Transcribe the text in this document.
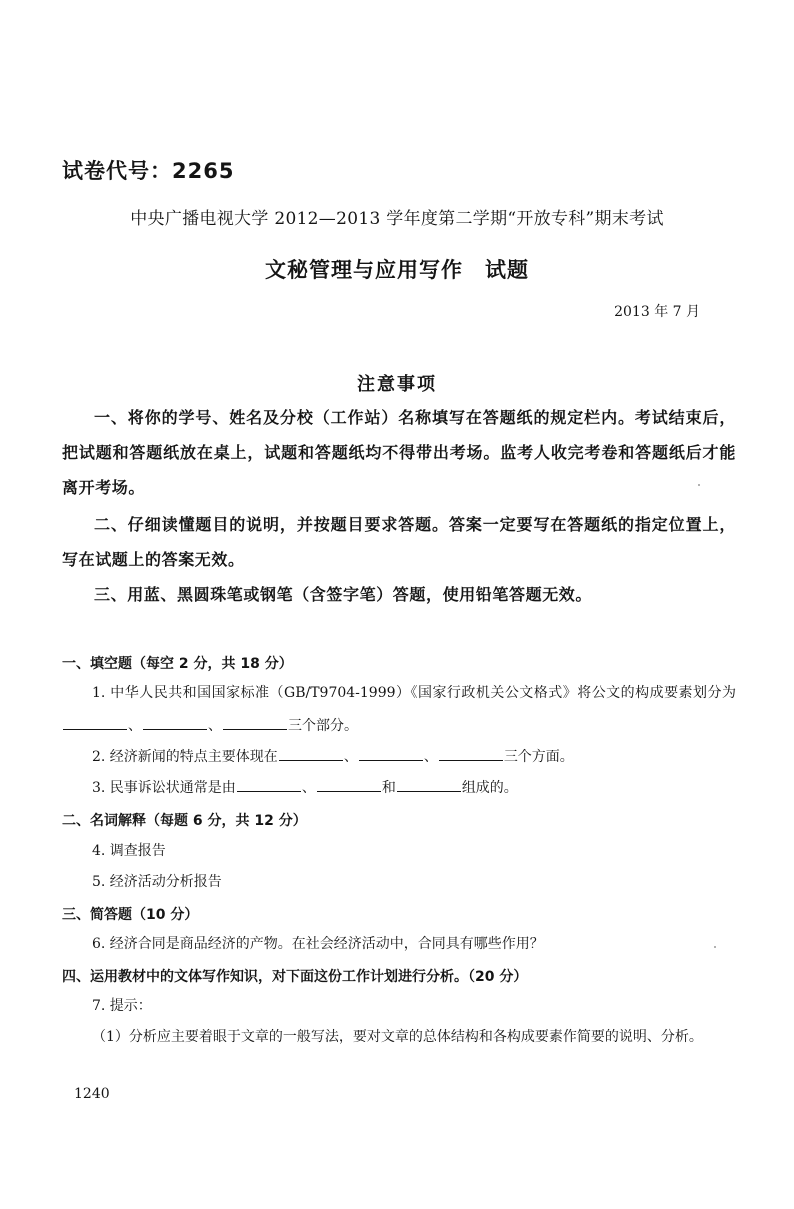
试卷代号：2265
中央广播电视大学 2012—2013 学年度第二学期“开放专科”期末考试
文秘管理与应用写作　试题
2013 年 7 月
注意事项
一、将你的学号、姓名及分校（工作站）名称填写在答题纸的规定栏内。考试结束后，把试题和答题纸放在桌上，试题和答题纸均不得带出考场。监考人收完考卷和答题纸后才能离开考场。
二、仔细读懂题目的说明，并按题目要求答题。答案一定要写在答题纸的指定位置上，写在试题上的答案无效。
三、用蓝、黑圆珠笔或钢笔（含签字笔）答题，使用铅笔答题无效。
一、填空题（每空 2 分，共 18 分）
1. 中华人民共和国国家标准（GB/T9704-1999）《国家行政机关公文格式》将公文的构成要素划分为、	、	三个部分。
2. 经济新闻的特点主要体现在	、	、	三个方面。
3. 民事诉讼状通常是由	、	和	组成的。
二、名词解释（每题 6 分，共 12 分）
4. 调查报告
5. 经济活动分析报告
三、简答题（10 分）
6. 经济合同是商品经济的产物。在社会经济活动中，合同具有哪些作用？
四、运用教材中的文体写作知识，对下面这份工作计划进行分析。（20 分）
7. 提示：
（1）分析应主要着眼于文章的一般写法，要对文章的总体结构和各构成要素作简要的说明、分析。
1240
